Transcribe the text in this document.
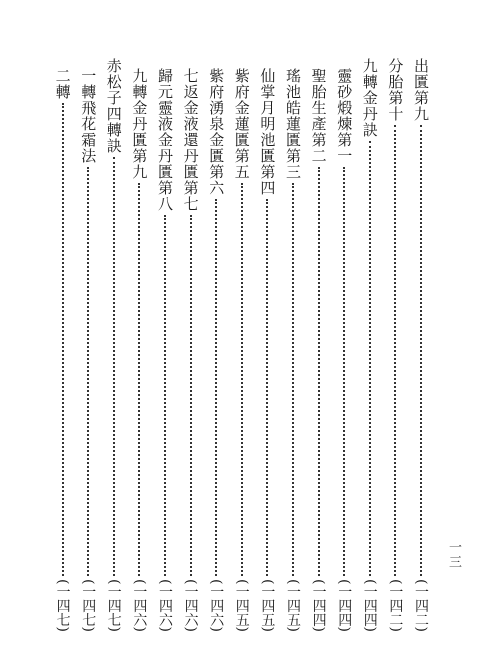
一三
出匱第九
(一四二)
分胎第十
(一四二)
九轉金丹訣
(一四四)
靈砂煅煉第一
(一四四)
聖胎生產第二
(一四四)
瑤池皓蓮匱第三
(一四五)
仙掌月明池匱第四
(一四五)
紫府金蓮匱第五
(一四五)
紫府湧泉金匱第六
(一四六)
七返金液還丹匱第七
(一四六)
歸元靈液金丹匱第八
(一四六)
九轉金丹匱第九
(一四六)
赤松子四轉訣
(一四七)
一轉飛花霜法
(一四七)
二轉
(一四七)
